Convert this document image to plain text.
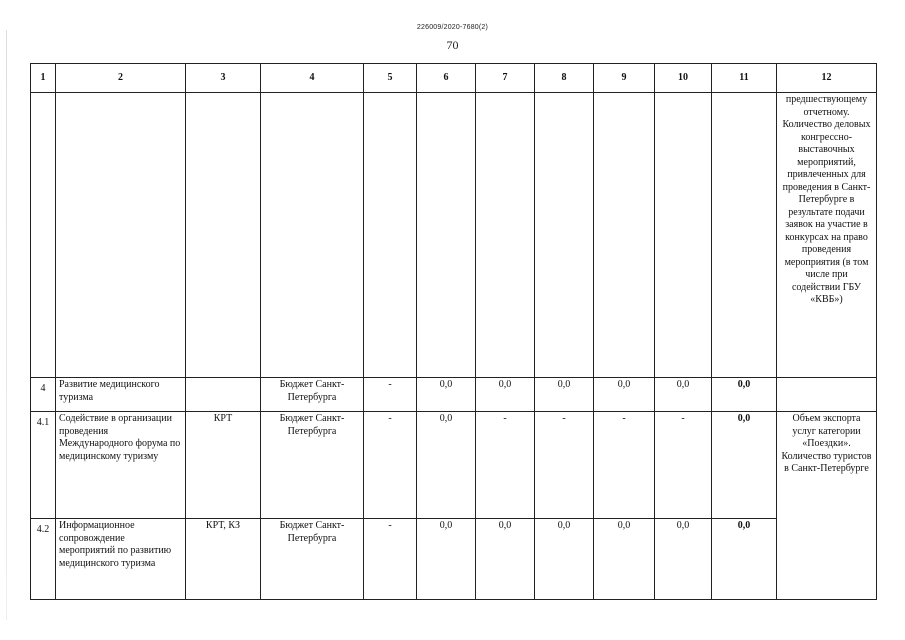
226009/2020-7680(2)
70
1	2	3	4	5	6	7	8	9	10	11	12
											предшествующему отчетному. Количество деловых конгрессно-выставочных мероприятий, привлеченных для проведения в Санкт-Петербурге в результате подачи заявок на участие в конкурсах на право проведения мероприятия (в том числе при содействии ГБУ «КВБ»)
4	Развитие медицинского туризма		Бюджет Санкт-Петербурга	-	0,0	0,0	0,0	0,0	0,0	0,0	
4.1	Содействие в организации проведения Международного форума по медицинскому туризму	КРТ	Бюджет Санкт-Петербурга	-	0,0	-	-	-	-	0,0	Объем экспорта услуг категории «Поездки». Количество туристов в Санкт-Петербурге
4.2	Информационное сопровождение мероприятий по развитию медицинского туризма	КРТ, КЗ	Бюджет Санкт-Петербурга	-	0,0	0,0	0,0	0,0	0,0	0,0	
